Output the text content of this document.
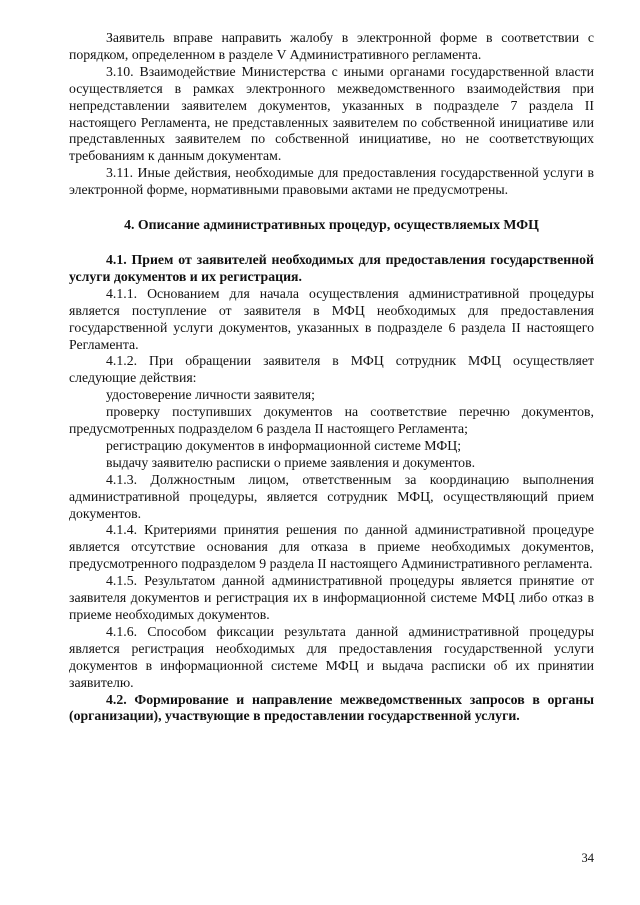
Заявитель вправе направить жалобу в электронной форме в соответствии с порядком, определенном в разделе V Административного регламента.

3.10. Взаимодействие Министерства с иными органами государственной власти осуществляется в рамках электронного межведомственного взаимодействия при непредставлении заявителем документов, указанных в подразделе 7 раздела II настоящего Регламента, не представленных заявителем по собственной инициативе или представленных заявителем по собственной инициативе, но не соответствующих требованиям к данным документам.

3.11. Иные действия, необходимые для предоставления государственной услуги в электронной форме, нормативными правовыми актами не предусмотрены.

4. Описание административных процедур, осуществляемых МФЦ

4.1. Прием от заявителей необходимых для предоставления государственной услуги документов и их регистрация.

4.1.1. Основанием для начала осуществления административной процедуры является поступление от заявителя в МФЦ необходимых для предоставления государственной услуги документов, указанных в подразделе 6 раздела II настоящего Регламента.

4.1.2. При обращении заявителя в МФЦ сотрудник МФЦ осуществляет следующие действия:

удостоверение личности заявителя;

проверку поступивших документов на соответствие перечню документов, предусмотренных подразделом 6 раздела II настоящего Регламента;

регистрацию документов в информационной системе МФЦ;

выдачу заявителю расписки о приеме заявления и документов.

4.1.3. Должностным лицом, ответственным за координацию выполнения административной процедуры, является сотрудник МФЦ, осуществляющий прием документов.

4.1.4. Критериями принятия решения по данной административной процедуре является отсутствие основания для отказа в приеме необходимых документов, предусмотренного подразделом 9 раздела II настоящего Административного регламента.

4.1.5. Результатом данной административной процедуры является принятие от заявителя документов и регистрация их в информационной системе МФЦ либо отказ в приеме необходимых документов.

4.1.6. Способом фиксации результата данной административной процедуры является регистрация необходимых для предоставления государственной услуги документов в информационной системе МФЦ и выдача расписки об их принятии заявителю.

4.2. Формирование и направление межведомственных запросов в органы (организации), участвующие в предоставлении государственной услуги.

34
